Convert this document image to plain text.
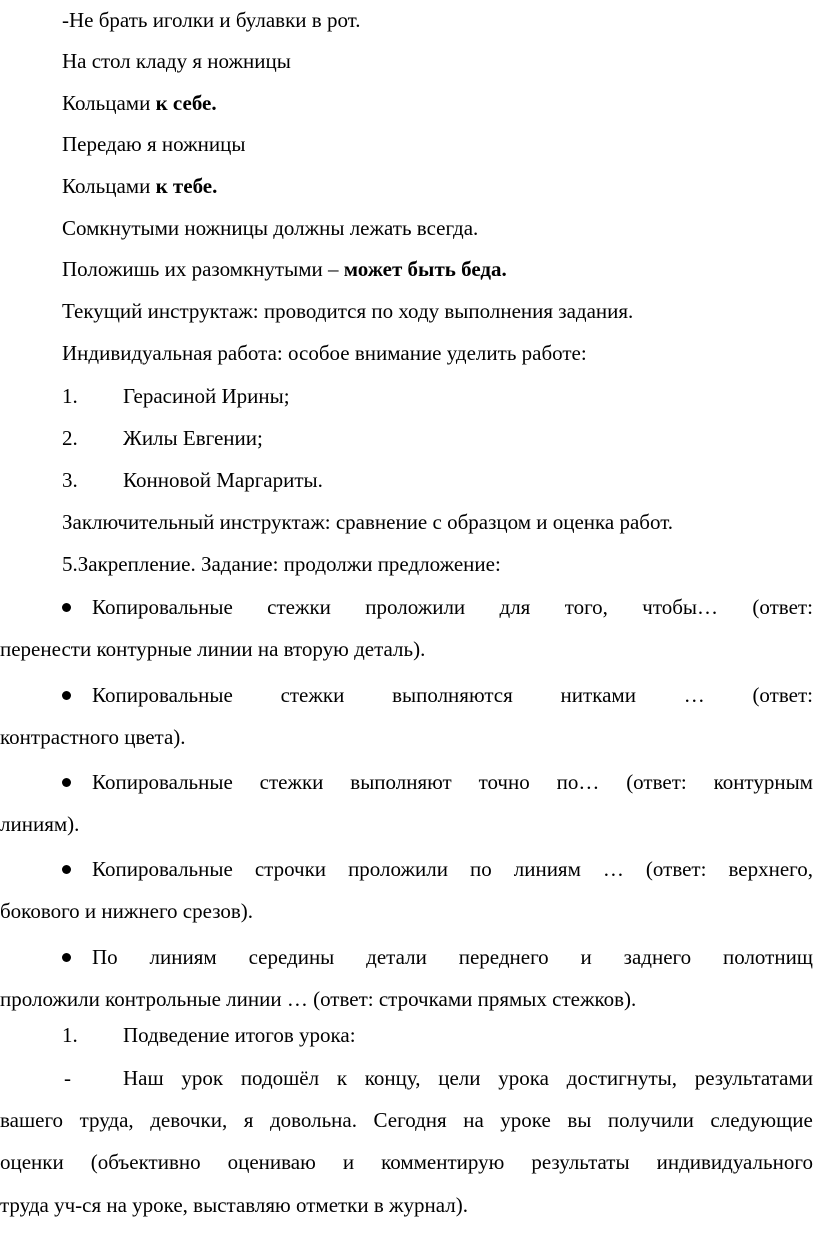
-Не брать иголки и булавки в рот.
На стол кладу я ножницы
Кольцами к себе.
Передаю я ножницы
Кольцами к тебе.
Сомкнутыми ножницы должны лежать всегда.
Положишь их разомкнутыми – может быть беда.
Текущий инструктаж: проводится по ходу выполнения задания.
Индивидуальная работа: особое внимание уделить работе:
1. Герасиной Ирины;
2. Жилы Евгении;
3. Конновой Маргариты.
Заключительный инструктаж: сравнение с образцом и оценка работ.
5.Закрепление. Задание: продолжи предложение:
Копировальные стежки проложили для того, чтобы… (ответ:
перенести контурные линии на вторую деталь).
Копировальные стежки выполняются нитками … (ответ:
контрастного цвета).
Копировальные стежки выполняют точно по… (ответ: контурным
линиям).
Копировальные строчки проложили по линиям … (ответ: верхнего,
бокового и нижнего срезов).
По линиям середины детали переднего и заднего полотнищ
проложили контрольные линии … (ответ: строчками прямых стежков).
1. Подведение итогов урока:
- Наш урок подошёл к концу, цели урока достигнуты, результатами
вашего труда, девочки, я довольна. Сегодня на уроке вы получили следующие
оценки (объективно оцениваю и комментирую результаты индивидуального
труда уч-ся на уроке, выставляю отметки в журнал).
